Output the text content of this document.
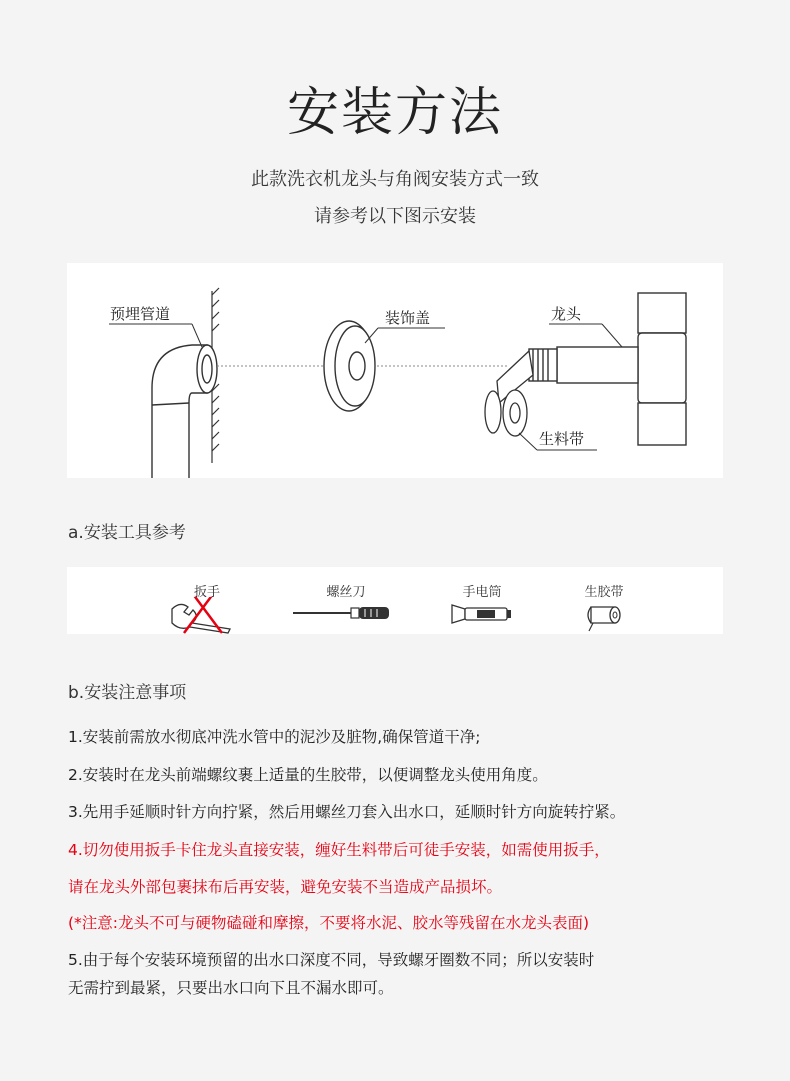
安装方法
此款洗衣机龙头与角阀安装方式一致
请参考以下图示安装
预埋管道	装饰盖	龙头
生料带
a.安装工具参考
扳手	螺丝刀	手电筒	生胶带
b.安装注意事项
1.安装前需放水彻底冲洗水管中的泥沙及脏物,确保管道干净;
2.安装时在龙头前端螺纹裹上适量的生胶带，以便调整龙头使用角度。
3.先用手延顺时针方向拧紧，然后用螺丝刀套入出水口，延顺时针方向旋转拧紧。
4.切勿使用扳手卡住龙头直接安装，缠好生料带后可徒手安装，如需使用扳手，
请在龙头外部包裹抹布后再安装，避免安装不当造成产品损坏。
(*注意:龙头不可与硬物磕碰和摩擦，不要将水泥、胶水等残留在水龙头表面)
5.由于每个安装环境预留的出水口深度不同，导致螺牙圈数不同；所以安装时
无需拧到最紧，只要出水口向下且不漏水即可。
